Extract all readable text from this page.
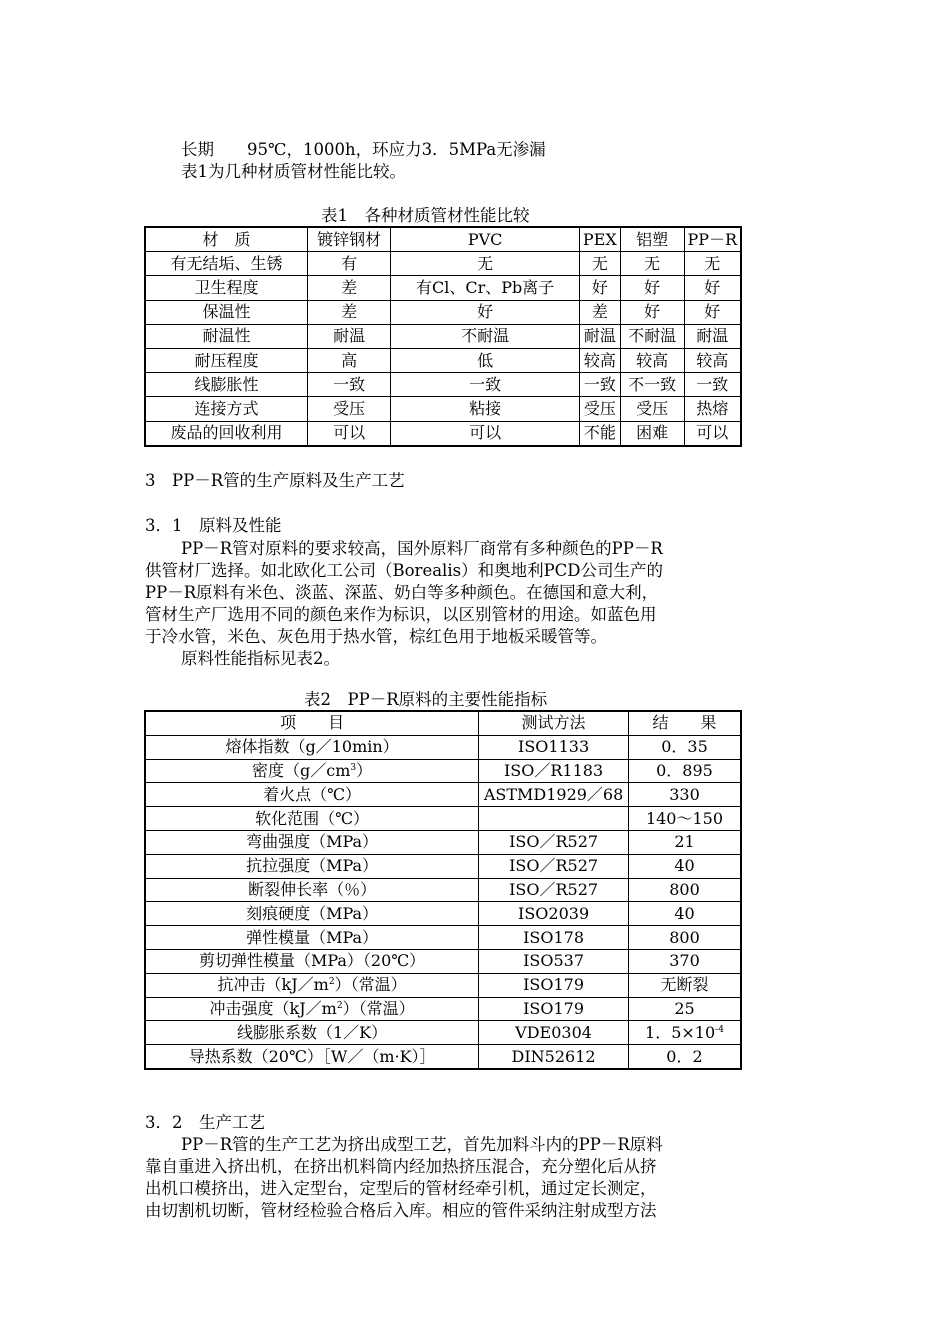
长期　　95℃，1000h，环应力3．5MPa无渗漏
表1为几种材质管材性能比较。
表1　各种材质管材性能比较
材　质	镀锌钢材	PVC	PEX	铝塑	PP－R
有无结垢、生锈	有	无	无	无	无
卫生程度	差	有Cl、Cr、Pb离子	好	好	好
保温性	差	好	差	好	好
耐温性	耐温	不耐温	耐温	不耐温	耐温
耐压程度	高	低	较高	较高	较高
线膨胀性	一致	一致	一致	不一致	一致
连接方式	受压	粘接	受压	受压	热熔
废品的回收利用	可以	可以	不能	困难	可以
3　PP－R管的生产原料及生产工艺
3．1　原料及性能
PP－R管对原料的要求较高，国外原料厂商常有多种颜色的PP－R
供管材厂选择。如北欧化工公司（Borealis）和奥地利PCD公司生产的
PP－R原料有米色、淡蓝、深蓝、奶白等多种颜色。在德国和意大利，
管材生产厂选用不同的颜色来作为标识，以区别管材的用途。如蓝色用
于冷水管，米色、灰色用于热水管，棕红色用于地板采暖管等。
原料性能指标见表2。
表2　PP－R原料的主要性能指标
项　　目	测试方法	结　　果
熔体指数（g／10min）	ISO1133	0．35
密度$(g/cm^3)$	ISO／R1183	0．895
着火点（℃）	ASTMD1929／68	330
软化范围（℃）		140～150
弯曲强度（MPa）	ISO／R527	21
抗拉强度（MPa）	ISO／R527	40
断裂伸长率（％）	ISO／R527	800
刻痕硬度（MPa）	ISO2039	40
弹性模量（MPa）	ISO178	800
剪切弹性模量（MPa）（20℃）	ISO537	370
抗冲击$(kJ/m^2)$（常温）	ISO179	无断裂
冲击强度$(kJ/m^2)$（常温）	ISO179	25
线膨胀系数（1／K）	VDE0304	1．$5\times 10^{-4}$
导热系数（20℃）［W／（m·K）］	DIN52612	0．2
3．2　生产工艺
PP－R管的生产工艺为挤出成型工艺，首先加料斗内的PP－R原料
靠自重进入挤出机，在挤出机料筒内经加热挤压混合，充分塑化后从挤
出机口模挤出，进入定型台，定型后的管材经牵引机，通过定长测定，
由切割机切断，管材经检验合格后入库。相应的管件采纳注射成型方法
